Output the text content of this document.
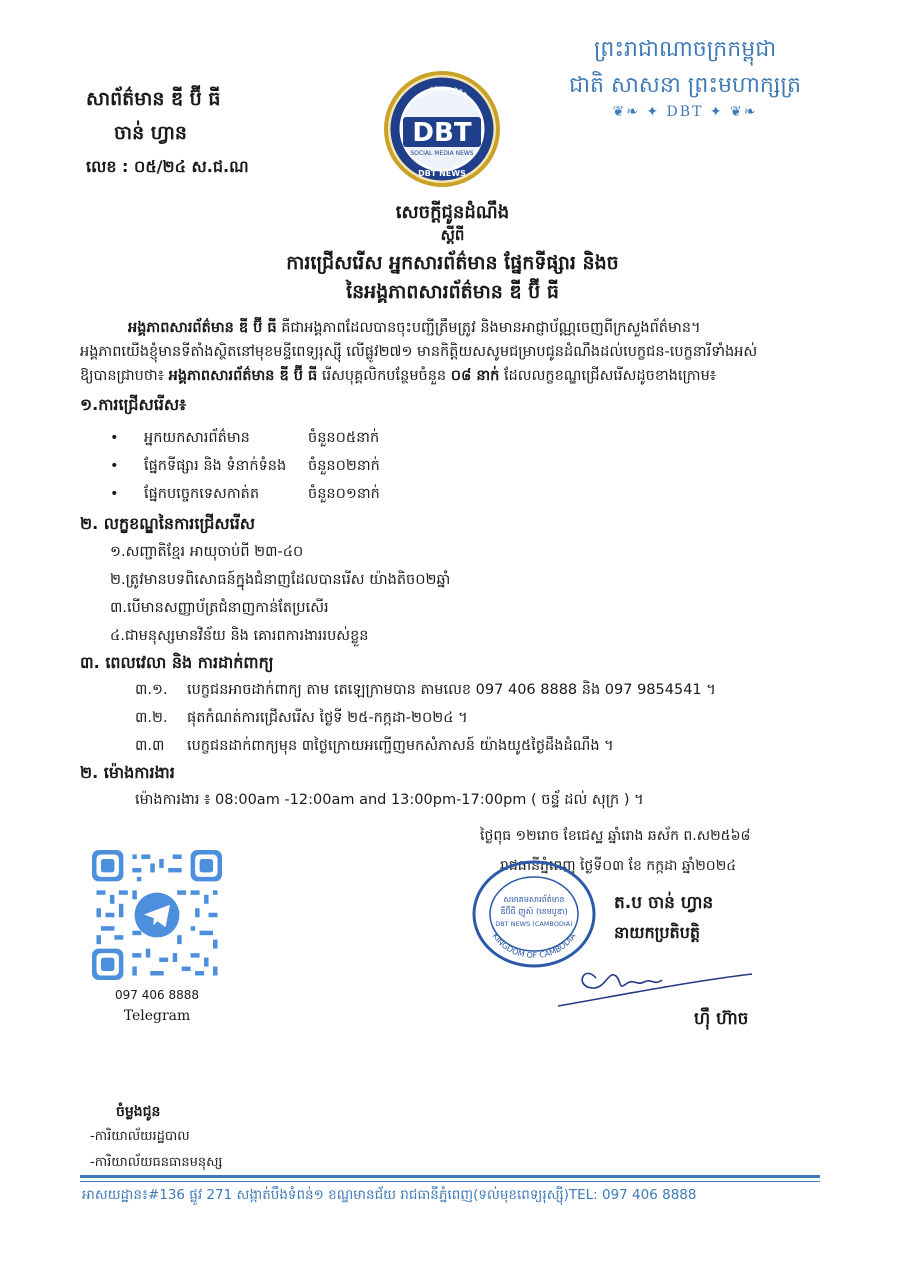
ព្រះរាជាណាចក្រកម្ពុជា
ជាតិ សាសនា ព្រះមហាក្សត្រ
❦❧ ✦ DBT ✦ ❦❧
សាព័ត៌មាន ឌី ប៊ី ធី
ចាន់ ហ្វាន
លេខ : ០៥/២៤ ស.ជ.ណ
សារព័ត៌មាន ឌីប៊ីធី
DBT
SOCIAL MEDIA NEWS
DBT NEWS
សេចក្ដីជូនដំណឹង
ស្ដីពី
ការជ្រើសរើស អ្នកសារព័ត៌មាន ផ្នែកទីផ្សារ និងច
នៃអង្គភាពសារព័ត៌មាន ឌី ប៊ី ធី
អង្គភាពសារព័ត៌មាន ឌី ប៊ី ធី គឺជាអង្គភាពដែលបានចុះបញ្ជីត្រឹមត្រូវ និងមានអាជ្ញាប័ណ្ណចេញពីក្រសួងព័ត៌មាន។
អង្គភាពយើងខ្ញុំមានទីតាំងស្ថិតនៅមុខមន្ទីពេទ្យរុស្ស៊ី លើផ្លូវ២៧១ មានកិត្តិយសសូមជម្រាបជូនដំណឹងដល់បេក្ខជន-បេក្ខនារីទាំងអស់
ឱ្យបានជ្រាបថា៖ អង្គភាពសារព័ត៌មាន ឌី ប៊ី ធី រើសបុគ្គលិកបន្ថែមចំនួន ០៨ នាក់ ដែលលក្ខខណ្ឌជ្រើសរើសដូចខាងក្រោម៖
១.ការជ្រើសរើស៖
• អ្នកយកសារព័ត៌មាន	ចំនួន០៥នាក់
• ផ្នែកទីផ្សារ និង ទំនាក់ទំនង ចំនួន០២នាក់
• ផ្នែកបច្ចេកទេសកាត់ត	ចំនួន០១នាក់
២. លក្ខខណ្ឌនៃការជ្រើសរើស
១.សញ្ជាតិខ្មែរ អាយុចាប់ពី ២៣-៤០
២.ត្រូវមានបទពិសោធន៍ក្នុងជំនាញដែលបានរើស យ៉ាងតិច០២ឆ្នាំ
៣.បើមានសញ្ញាប័ត្រជំនាញកាន់តែប្រសើរ
៤.ជាមនុស្សមានវិន័យ និង គោរពការងាររបស់ខ្លួន
៣. ពេលវេលា និង ការដាក់ពាក្យ
៣.១. បេក្ខជនអាចដាក់ពាក្យ តាម តេឡេក្រាមបាន តាមលេខ 097 406 8888 និង 097 9854541 ។
៣.២. ផុតកំណត់ការជ្រើសរើស ថ្ងៃទី ២៥-កក្កដា-២០២៤ ។
៣.៣ បេក្ខជនដាក់ពាក្យមុន ៣ថ្ងៃក្រោយអញ្ជើញមកសំភាសន៍ យ៉ាងយូ៥ថ្ងៃដឹងដំណឹង ។
២. ម៉ោងការងារ
ម៉ោងការងារ ៖ 08:00am -12:00am and 13:00pm-17:00pm ( ចន្ទ័ ដល់ សុក្រ ) ។
ថ្ងៃពុធ ១២រោច ខែជេស្ឋ ឆ្នាំរោង ឆស័ក ព.ស២៥៦៨
រាជធានីភ្នំពេញ ថ្ងៃទី០៣ ខែ កក្កដា ឆ្នាំ២០២៤
សមាគមសារព័ត៌មាន
ឌីប៊ីធី ញូស៍ (ខេមបូឌា)
DBT NEWS (CAMBODIA)
KINGDOM OF CAMBODIA
ត.ប ចាន់ ហ្វាន
នាយកប្រតិបត្តិ
ហ៊ឺ ហ៊ាច
097 406 8888
Telegram
ចំម្លងជូន
-ការិយាល័យរដ្ឋបាល
-ការិយាល័យធនធានមនុស្ស
អាសយដ្ឋាន៖#136 ផ្លូវ 271 សង្កាត់បឹងទំពន់១ ខណ្ឌមានជ័យ រាជធានីភ្នំពេញ(ទល់មុខពេទ្យរុស្ស៊ី)TEL: 097 406 8888
